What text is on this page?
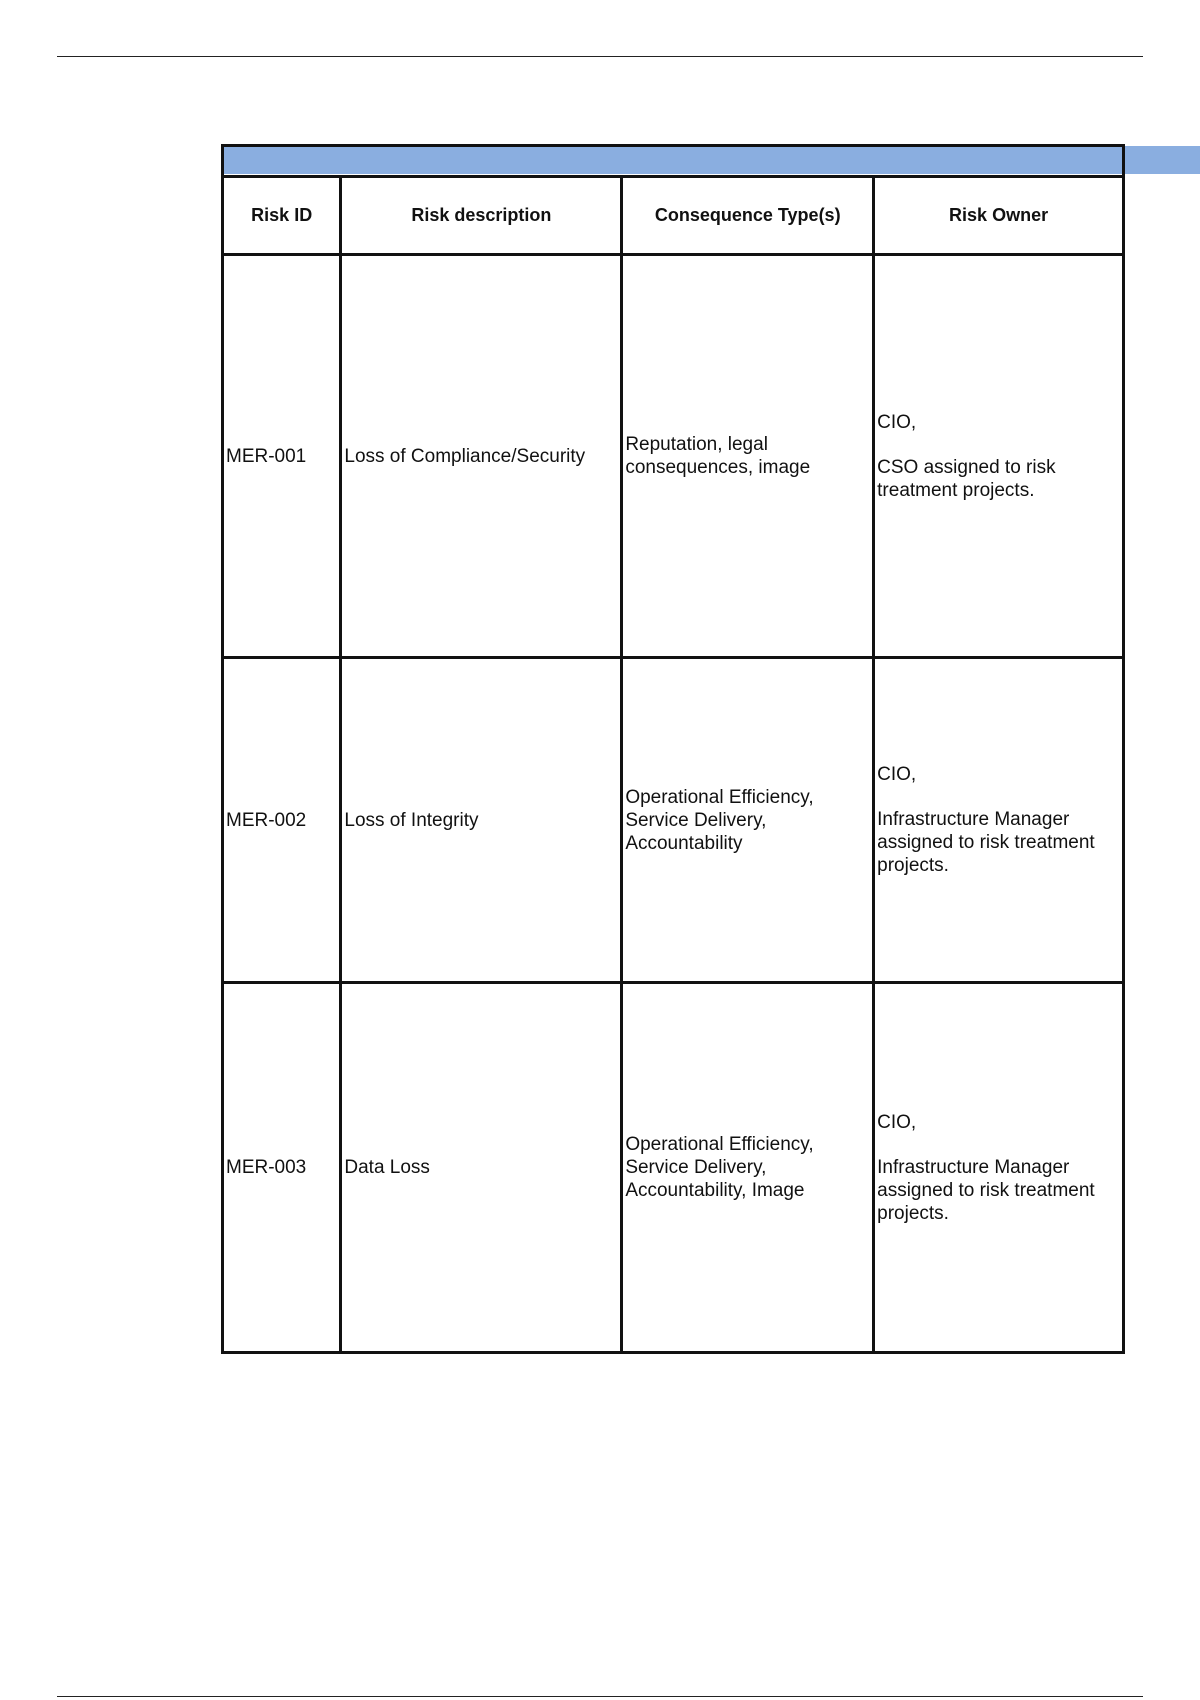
Risk ID	Risk description	Consequence Type(s)	Risk Owner
MER-001	Loss of Compliance/Security	Reputation, legal consequences, image	CIO,
CSO assigned to risk treatment projects.

MER-002	Loss of Integrity	Operational Efficiency, Service Delivery, Accountability	CIO,
Infrastructure Manager assigned to risk treatment projects.

MER-003	Data Loss	Operational Efficiency, Service Delivery, Accountability, Image	CIO,
Infrastructure Manager assigned to risk treatment projects.
